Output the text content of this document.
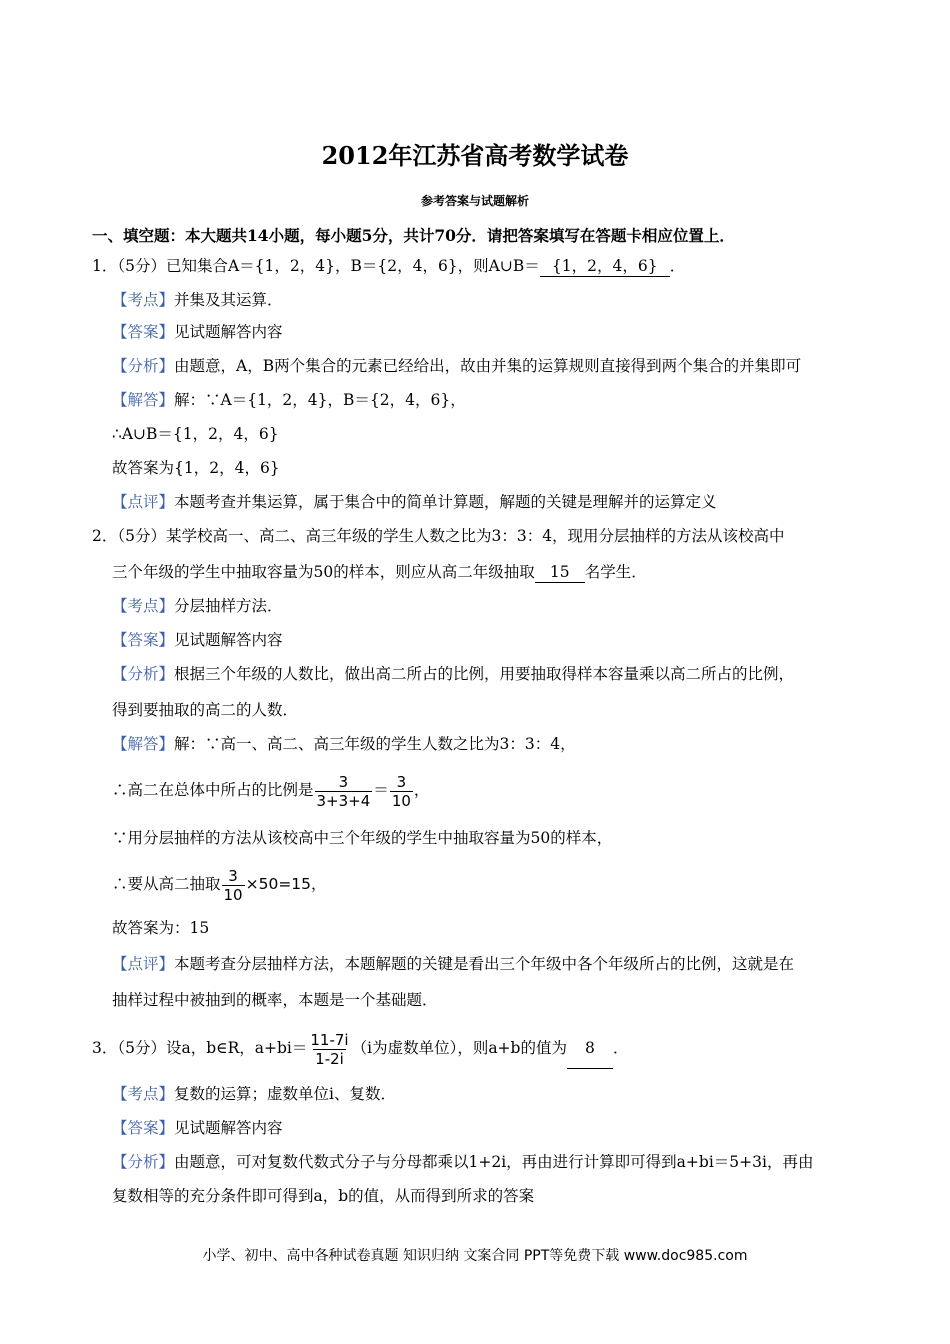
2012年江苏省高考数学试卷
参考答案与试题解析
一、填空题：本大题共14小题，每小题5分，共计70分．请把答案填写在答题卡相应位置上．
1．（5分）已知集合A＝{1，2，4}，B＝{2，4，6}，则A∪B＝ {1，2，4，6} ．
【考点】并集及其运算．
【答案】见试题解答内容
【分析】由题意，A，B两个集合的元素已经给出，故由并集的运算规则直接得到两个集合的并集即可
【解答】解：∵A＝{1，2，4}，B＝{2，4，6}，
∴A∪B＝{1，2，4，6}
故答案为{1，2，4，6}
【点评】本题考查并集运算，属于集合中的简单计算题，解题的关键是理解并的运算定义
2．（5分）某学校高一、高二、高三年级的学生人数之比为3：3：4，现用分层抽样的方法从该校高中
三个年级的学生中抽取容量为50的样本，则应从高二年级抽取 15 名学生．
【考点】分层抽样方法．
【答案】见试题解答内容
【分析】根据三个年级的人数比，做出高二所占的比例，用要抽取得样本容量乘以高二所占的比例，
得到要抽取的高二的人数．
【解答】解：∵高一、高二、高三年级的学生人数之比为3：3：4，
∴高二在总体中所占的比例是 $\frac{3}{3+3+4} = \frac{3}{10}$ ，
∵用分层抽样的方法从该校高中三个年级的学生中抽取容量为50的样本，
∴要从高二抽取 $\frac{3}{10} \times 50=15$，
故答案为：15
【点评】本题考查分层抽样方法，本题解题的关键是看出三个年级中各个年级所占的比例，这就是在
抽样过程中被抽到的概率，本题是一个基础题．
3．（5分）设a，b∈R，$a+bi= \frac{11-7i}{1-2i} (i$为虚数单位），则a+b的值为 8 ．
【考点】复数的运算；虚数单位i、复数．
【答案】见试题解答内容
【分析】由题意，可对复数代数式分子与分母都乘以1+2i，再由进行计算即可得到a+bi＝5+3i，再由
复数相等的充分条件即可得到a，b的值，从而得到所求的答案
小学、初中、高中各种试卷真题 知识归纳 文案合同 PPT等免费下载 www.doc985.com
